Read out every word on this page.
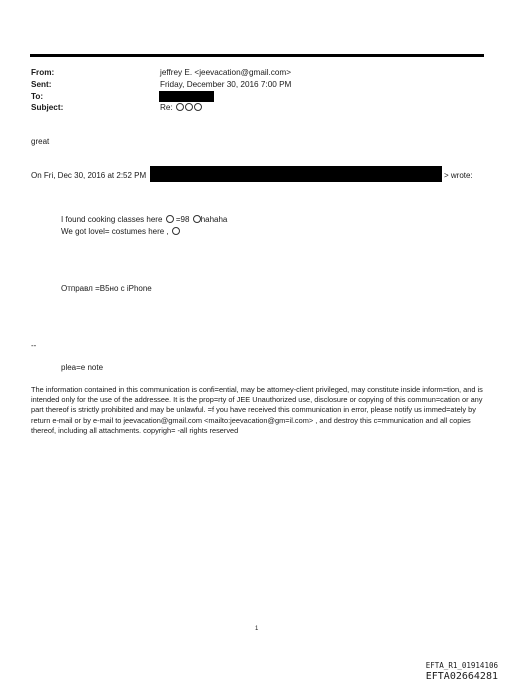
From:	jeffrey E. <jeevacation@gmail.com>
Sent:	Friday, December 30, 2016 7:00 PM
To:
Subject:	Re:
great
On Fri, Dec 30, 2016 at 2:52 PM	> wrote:
I found cooking classes here =98 hahaha
We got lovel= costumes here ,
Отправл =B5но с iPhone
--
plea=e note
The information contained in this communication is confi=ential, may be attorney-client privileged, may constitute inside inform=tion, and is intended only for the use of the addressee. It is the prop=rty of JEE Unauthorized use, disclosure or copying of this commun=cation or any part thereof is strictly prohibited and may be unlawful. =f you have received this communication in error, please notify us immed=ately by return e-mail or by e-mail to jeevacation@gmail.com <mailto:jeevacation@gm=il.com> , and destroy this c=mmunication and all copies thereof, including all attachments. copyrigh= -all rights reserved
1
EFTA_R1_01914106
EFTA02664281
